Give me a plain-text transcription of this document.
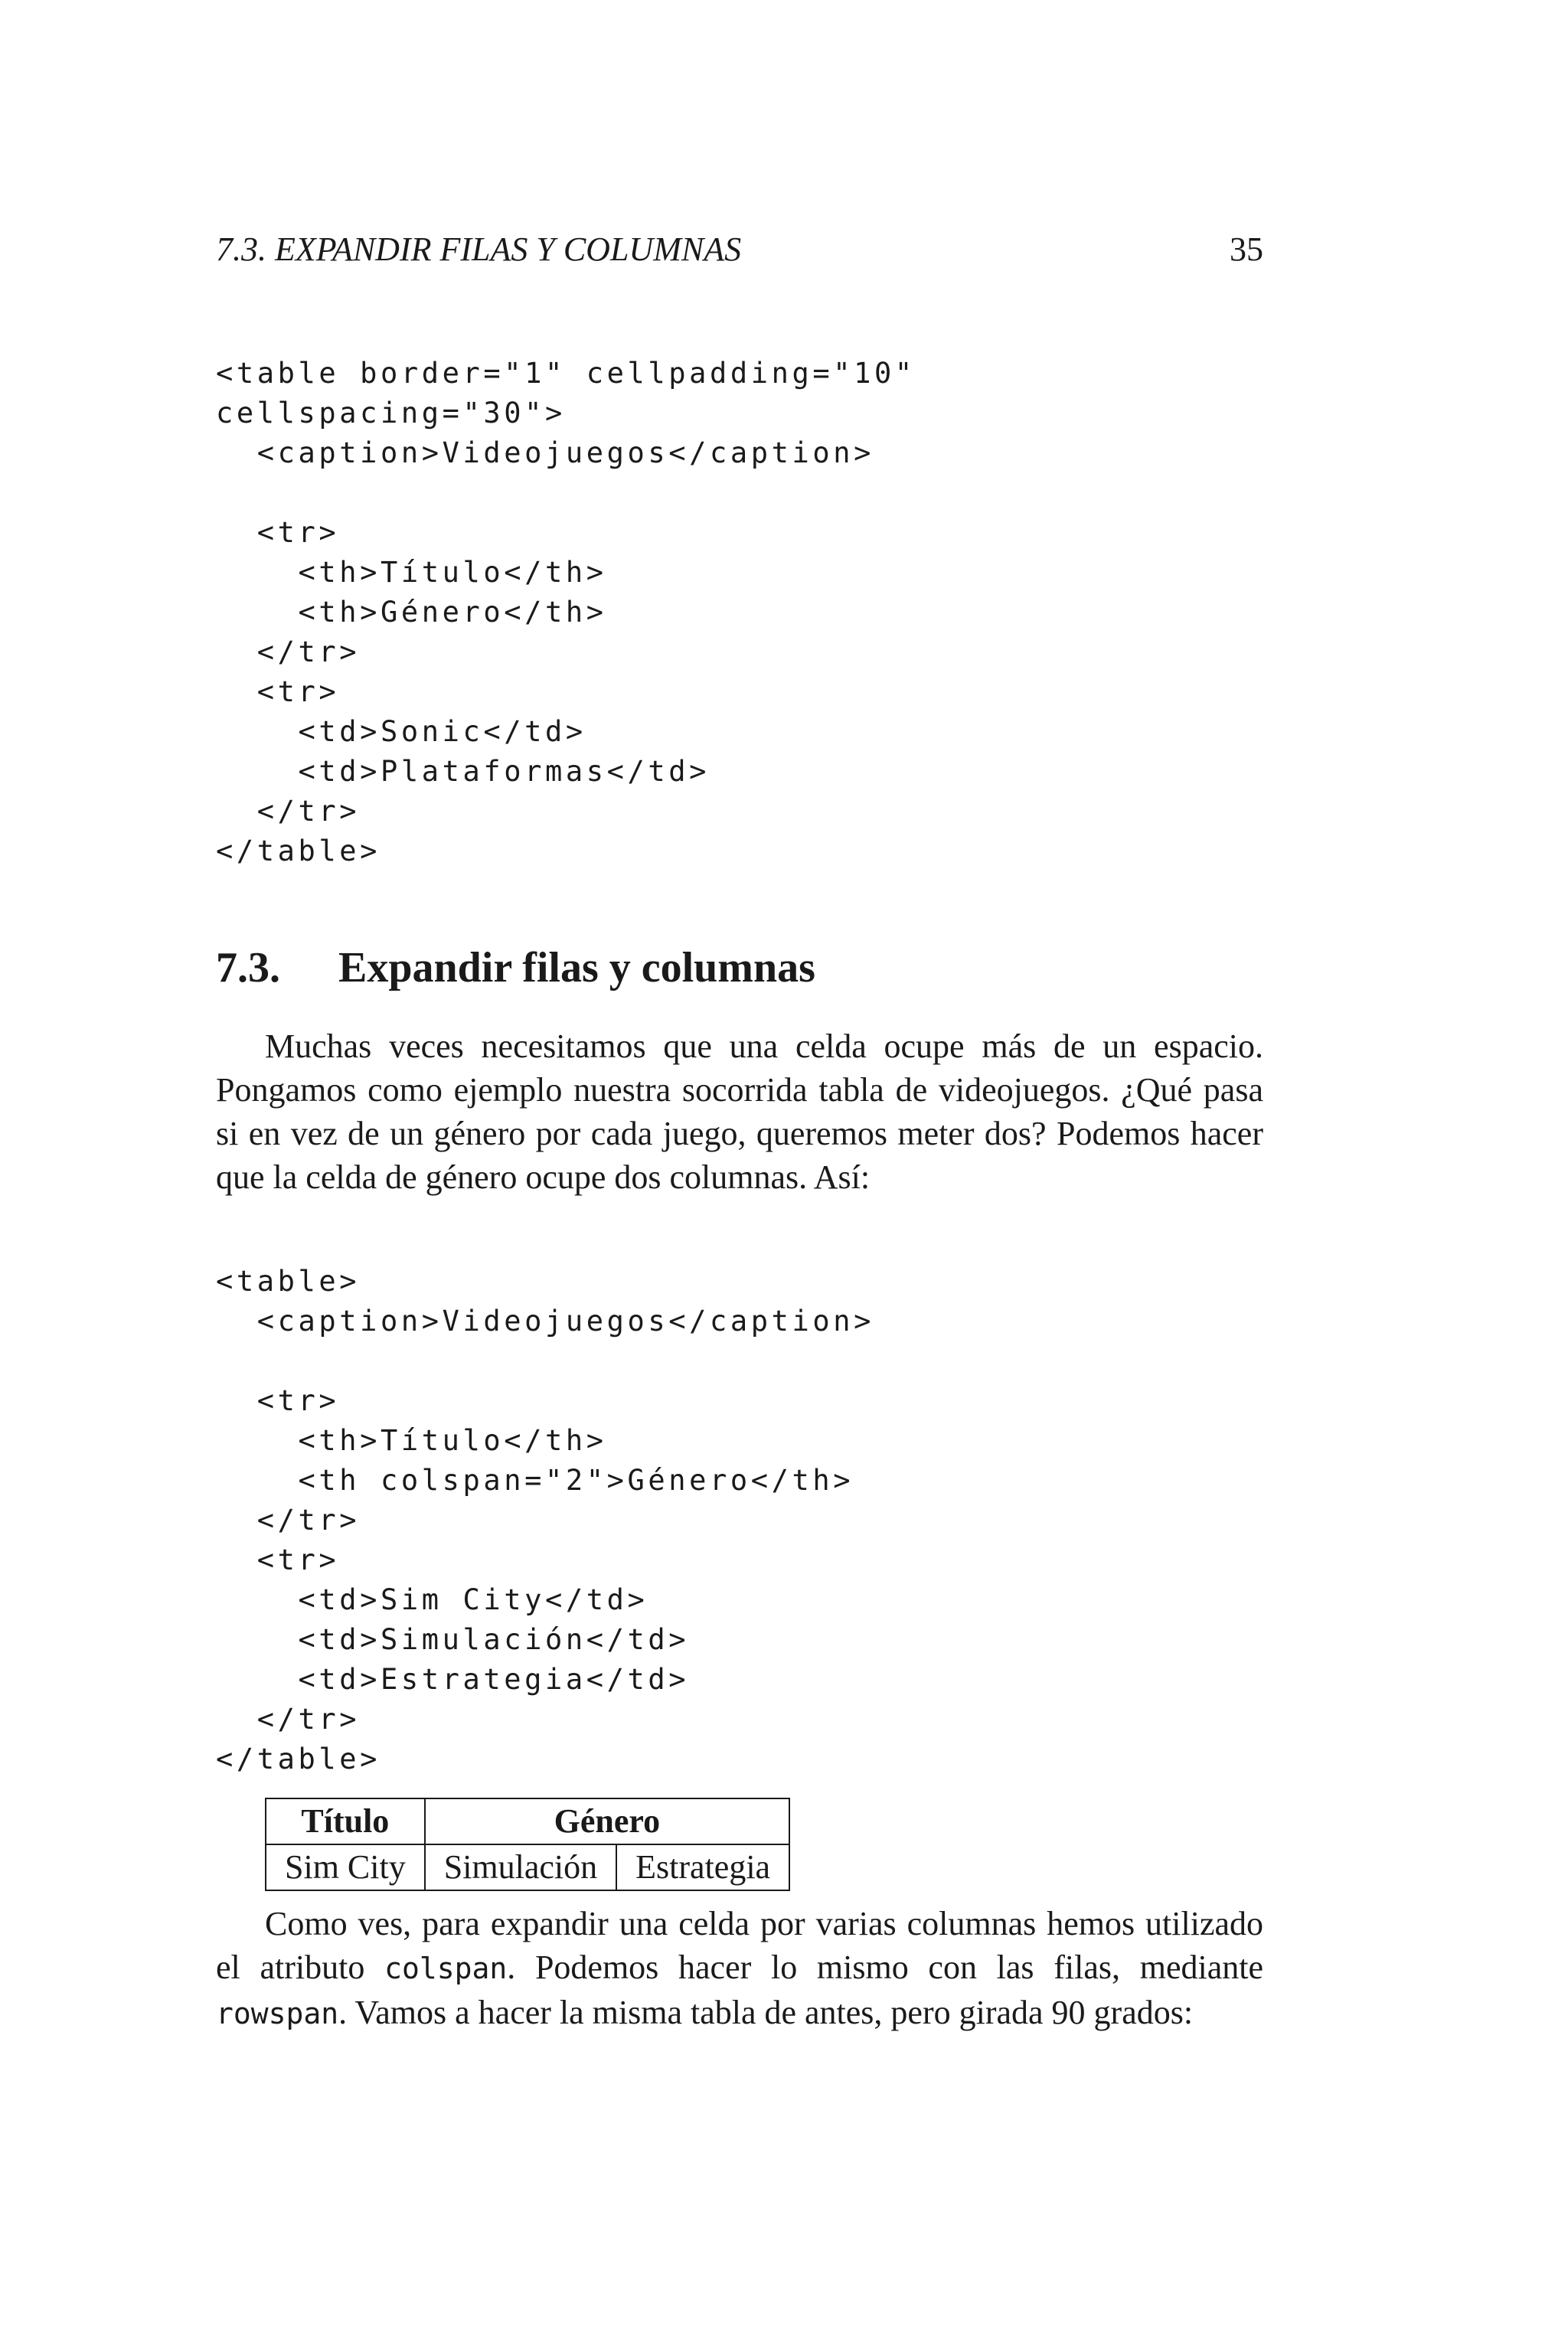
7.3. EXPANDIR FILAS Y COLUMNAS	35
<table border="1" cellpadding="10"
cellspacing="30">
<caption>Videojuegos</caption>

<tr>
<th>Título</th>
<th>Género</th>
</tr>
<tr>
<td>Sonic</td>
<td>Plataformas</td>
</tr>
</table>
7.3. Expandir filas y columnas

Muchas veces necesitamos que una celda ocupe más de un espacio. Pongamos como ejemplo nuestra socorrida tabla de videojuegos. ¿Qué pasa si en vez de un género por cada juego, queremos meter dos? Podemos hacer que la celda de género ocupe dos columnas. Así:

<table>
<caption>Videojuegos</caption>

<tr>
<th>Título</th>
<th colspan="2">Género</th>
</tr>
<tr>
<td>Sim City</td>
<td>Simulación</td>
<td>Estrategia</td>
</tr>
</table>
Título	Género	
Sim City	Simulación	Estrategia

Como ves, para expandir una celda por varias columnas hemos utilizado el atributo colspan. Podemos hacer lo mismo con las filas, mediante rowspan. Vamos a hacer la misma tabla de antes, pero girada 90 grados:
